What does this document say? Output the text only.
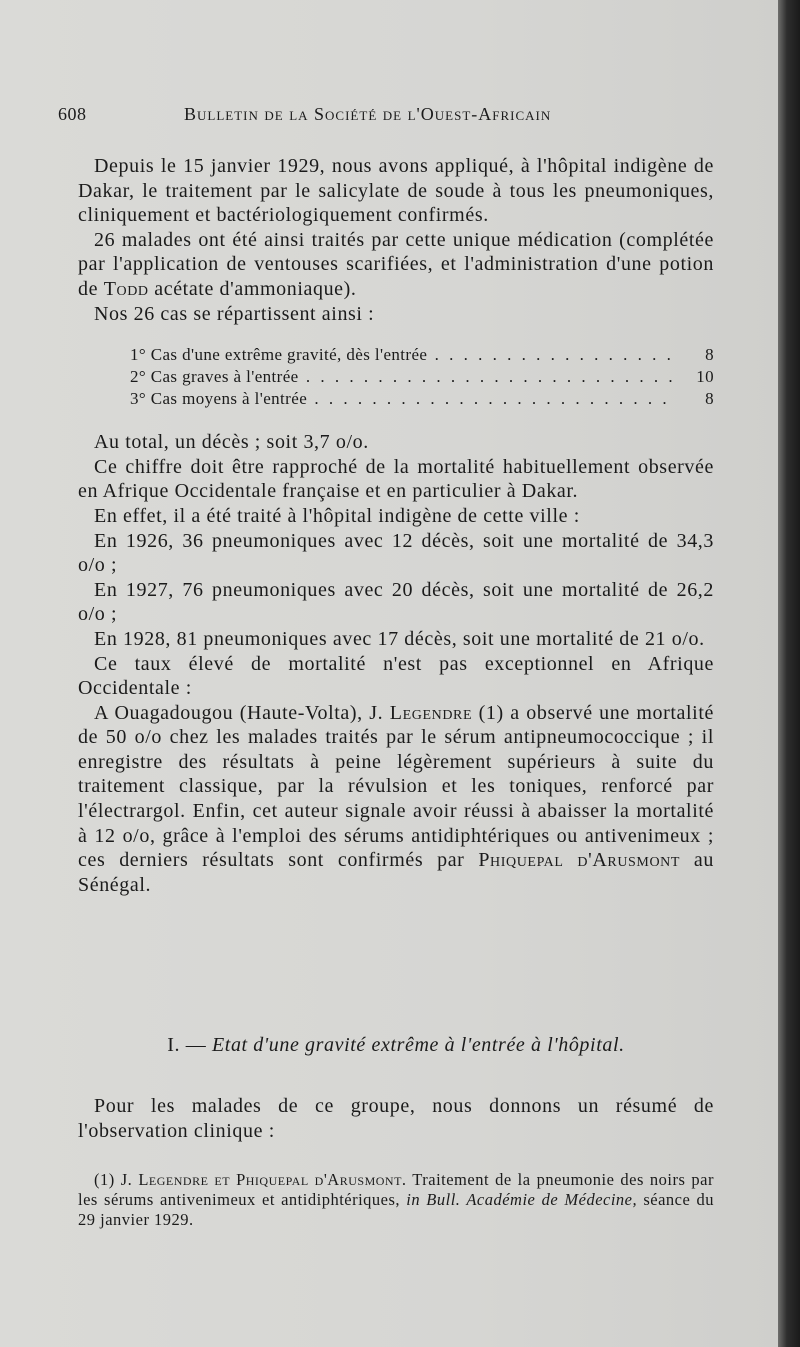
608	Bulletin de la Société de l'Ouest-Africain

Depuis le 15 janvier 1929, nous avons appliqué, à l'hôpital indigène de Dakar, le traitement par le salicylate de soude à tous les pneumoniques, cliniquement et bactériologiquement confirmés.

26 malades ont été ainsi traités par cette unique médication (complétée par l'application de ventouses scarifiées, et l'administration d'une potion de Todd acétate d'ammoniaque).

Nos 26 cas se répartissent ainsi :

1° Cas d'une extrême gravité, dès l'entrée . . .	8
2° Cas graves à l'entrée . . .	10
3° Cas moyens à l'entrée . . .	8

Au total, un décès ; soit 3,7 o/o.

Ce chiffre doit être rapproché de la mortalité habituellement observée en Afrique Occidentale française et en particulier à Dakar.

En effet, il a été traité à l'hôpital indigène de cette ville :

En 1926, 36 pneumoniques avec 12 décès, soit une mortalité de 34,3 o/o ;

En 1927, 76 pneumoniques avec 20 décès, soit une mortalité de 26,2 o/o ;

En 1928, 81 pneumoniques avec 17 décès, soit une mortalité de 21 o/o.

Ce taux élevé de mortalité n'est pas exceptionnel en Afrique Occidentale :

A Ouagadougou (Haute-Volta), J. Legendre (1) a observé une mortalité de 50 o/o chez les malades traités par le sérum antipneumococcique ; il enregistre des résultats à peine légèrement supérieurs à suite du traitement classique, par la révulsion et les toniques, renforcé par l'électrargol. Enfin, cet auteur signale avoir réussi à abaisser la mortalité à 12 o/o, grâce à l'emploi des sérums antidiphtériques ou antivenimeux ; ces derniers résultats sont confirmés par Phiquepal d'Arusmont au Sénégal.

I. — Etat d'une gravité extrême à l'entrée à l'hôpital.

Pour les malades de ce groupe, nous donnons un résumé de l'observation clinique :

(1) J. Legendre et Phiquepal d'Arusmont. Traitement de la pneumonie des noirs par les sérums antivenimeux et antidiphtériques, in Bull. Académie de Médecine, séance du 29 janvier 1929.
